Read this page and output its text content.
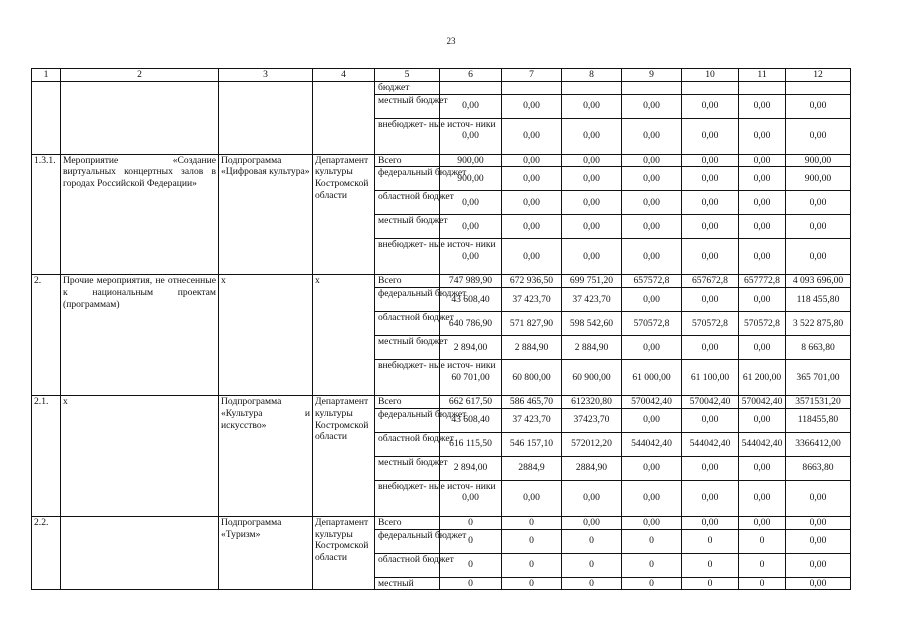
23
1	2	3	4	5	6	7	8	9	10	11	12
				бюджет							
				местный бюджет	0,00	0,00	0,00	0,00	0,00	0,00	0,00
				внебюджет- ные источ- ники	0,00	0,00	0,00	0,00	0,00	0,00	0,00
1.3.1.	Мероприятие «Создание виртуальных концертных залов в городах Российской Федерации»	Подпрограмма «Цифровая культура»	Департамент культуры Костромской области	Всего	900,00	0,00	0,00	0,00	0,00	0,00	900,00
				федеральный бюджет	900,00	0,00	0,00	0,00	0,00	0,00	900,00
				областной бюджет	0,00	0,00	0,00	0,00	0,00	0,00	0,00
				местный бюджет	0,00	0,00	0,00	0,00	0,00	0,00	0,00
				внебюджет- ные источ- ники	0,00	0,00	0,00	0,00	0,00	0,00	0,00
2.	Прочие мероприятия, не отнесенные к национальным проектам (программам)	x	x	Всего	747 989,90	672 936,50	699 751,20	657572,8	657672,8	657772,8	4 093 696,00
				федеральный бюджет	43 608,40	37 423,70	37 423,70	0,00	0,00	0,00	118 455,80
				областной бюджет	640 786,90	571 827,90	598 542,60	570572,8	570572,8	570572,8	3 522 875,80
				местный бюджет	2 894,00	2 884,90	2 884,90	0,00	0,00	0,00	8 663,80
				внебюджет- ные источ- ники	60 701,00	60 800,00	60 900,00	61 000,00	61 100,00	61 200,00	365 701,00
2.1.	x	Подпрограмма «Культура и искусство»	Департамент культуры Костромской области	Всего	662 617,50	586 465,70	612320,80	570042,40	570042,40	570042,40	3571531,20
				федеральный бюджет	43 608,40	37 423,70	37423,70	0,00	0,00	0,00	118455,80
				областной бюджет	616 115,50	546 157,10	572012,20	544042,40	544042,40	544042,40	3366412,00
				местный бюджет	2 894,00	2884,9	2884,90	0,00	0,00	0,00	8663,80
				внебюджет- ные источ- ники	0,00	0,00	0,00	0,00	0,00	0,00	0,00
2.2.		Подпрограмма «Туризм»	Департамент культуры Костромской области	Всего	0	0	0,00	0,00	0,00	0,00	0,00
				федеральный бюджет	0	0	0	0	0	0	0,00
				областной бюджет	0	0	0	0	0	0	0,00
				местный	0	0	0	0	0	0	0,00
